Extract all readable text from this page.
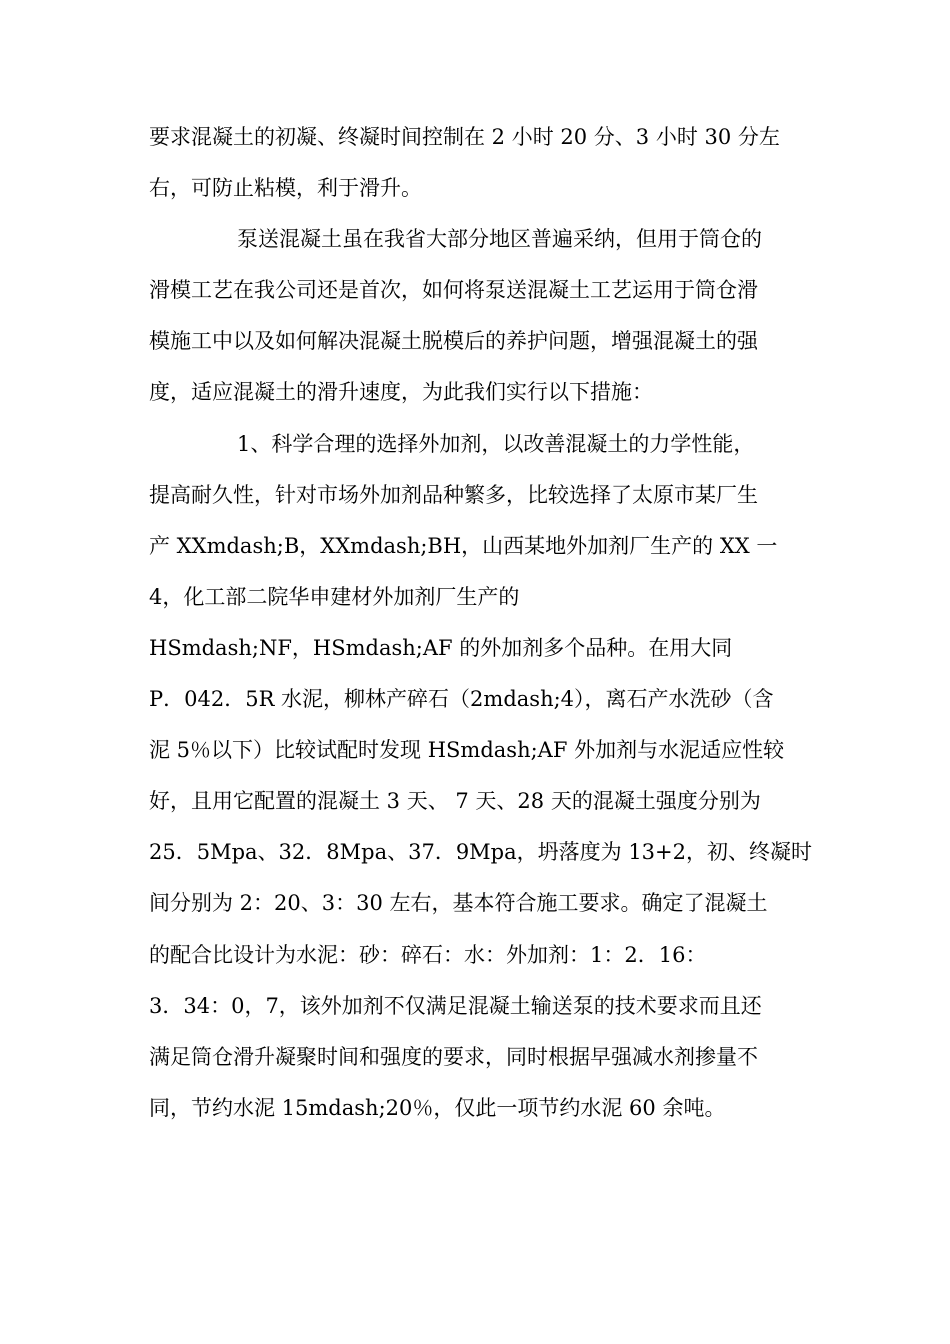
要求混凝土的初凝、终凝时间控制在 2 小时 20 分、3 小时 30 分左
右，可防止粘模，利于滑升。
泵送混凝土虽在我省大部分地区普遍采纳，但用于筒仓的
滑模工艺在我公司还是首次，如何将泵送混凝土工艺运用于筒仓滑
模施工中以及如何解决混凝土脱模后的养护问题，增强混凝土的强
度，适应混凝土的滑升速度，为此我们实行以下措施：
1、科学合理的选择外加剂，以改善混凝土的力学性能，
提高耐久性，针对市场外加剂品种繁多，比较选择了太原市某厂生
产 XXmdash;B，XXmdash;BH，山西某地外加剂厂生产的 XX 一
4，化工部二院华申建材外加剂厂生产的
HSmdash;NF，HSmdash;AF 的外加剂多个品种。在用大同
P．042．5R 水泥，柳林产碎石（2mdash;4），离石产水洗砂（含
泥 5％以下）比较试配时发现 HSmdash;AF 外加剂与水泥适应性较
好，且用它配置的混凝土 3 天、 7 天、28 天的混凝土强度分别为
25．5Mpa、32．8Mpa、37．9Mpa，坍落度为 13+2，初、终凝时
间分别为 2：20、3：30 左右，基本符合施工要求。确定了混凝土
的配合比设计为水泥：砂：碎石：水：外加剂：1：2．16：
3．34：0，7，该外加剂不仅满足混凝土输送泵的技术要求而且还
满足筒仓滑升凝聚时间和强度的要求，同时根据早强减水剂掺量不
同，节约水泥 15mdash;20％，仅此一项节约水泥 60 余吨。
